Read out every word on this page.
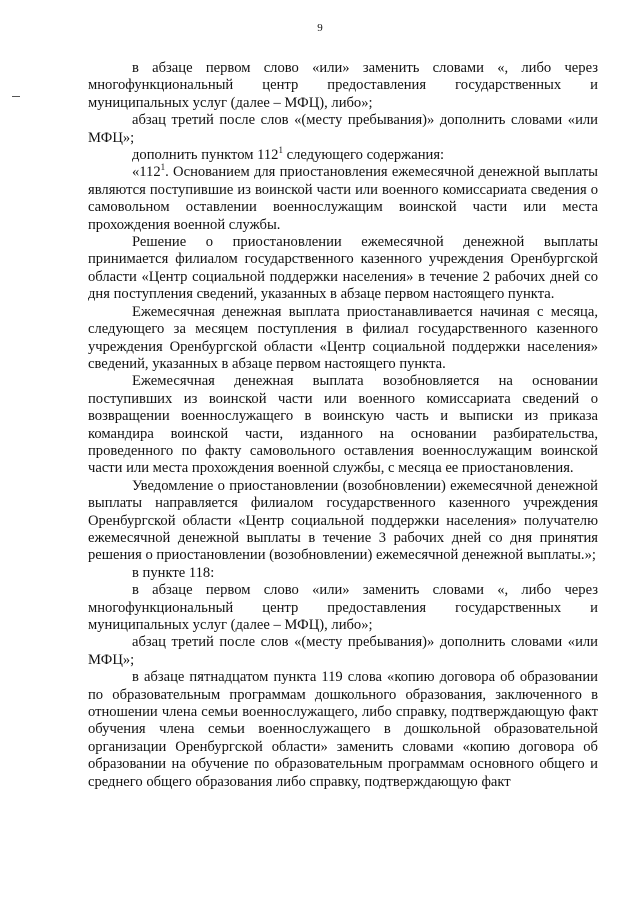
9

в абзаце первом слово «или» заменить словами «, либо через многофункциональный центр предоставления государственных и муниципальных услуг (далее – МФЦ), либо»;

абзац третий после слов «(месту пребывания)» дополнить словами «или МФЦ»;

дополнить пунктом $112^1$ следующего содержания:

«$112^1$. Основанием для приостановления ежемесячной денежной выплаты являются поступившие из воинской части или военного комиссариата сведения о самовольном оставлении военнослужащим воинской части или места прохождения военной службы.

Решение о приостановлении ежемесячной денежной выплаты принимается филиалом государственного казенного учреждения Оренбургской области «Центр социальной поддержки населения» в течение 2 рабочих дней со дня поступления сведений, указанных в абзаце первом настоящего пункта.

Ежемесячная денежная выплата приостанавливается начиная с месяца, следующего за месяцем поступления в филиал государственного казенного учреждения Оренбургской области «Центр социальной поддержки населения» сведений, указанных в абзаце первом настоящего пункта.

Ежемесячная денежная выплата возобновляется на основании поступивших из воинской части или военного комиссариата сведений о возвращении военнослужащего в воинскую часть и выписки из приказа командира воинской части, изданного на основании разбирательства, проведенного по факту самовольного оставления военнослужащим воинской части или места прохождения военной службы, с месяца ее приостановления.

Уведомление о приостановлении (возобновлении) ежемесячной денежной выплаты направляется филиалом государственного казенного учреждения Оренбургской области «Центр социальной поддержки населения» получателю ежемесячной денежной выплаты в течение 3 рабочих дней со дня принятия решения о приостановлении (возобновлении) ежемесячной денежной выплаты.»;

в пункте 118:

в абзаце первом слово «или» заменить словами «, либо через многофункциональный центр предоставления государственных и муниципальных услуг (далее – МФЦ), либо»;

абзац третий после слов «(месту пребывания)» дополнить словами «или МФЦ»;

в абзаце пятнадцатом пункта 119 слова «копию договора об образовании по образовательным программам дошкольного образования, заключенного в отношении члена семьи военнослужащего, либо справку, подтверждающую факт обучения члена семьи военнослужащего в дошкольной образовательной организации Оренбургской области» заменить словами «копию договора об образовании на обучение по образовательным программам основного общего и среднего общего образования либо справку, подтверждающую факт
